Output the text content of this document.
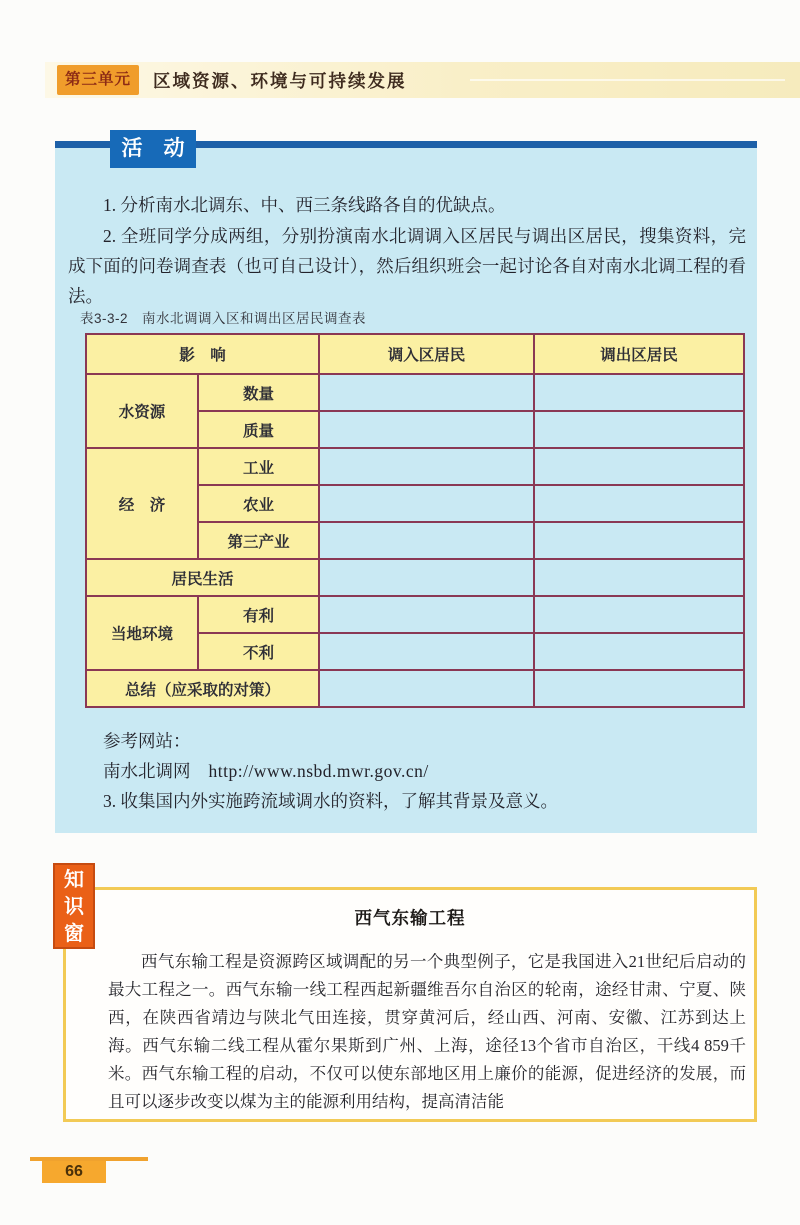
第三单元	区域资源、环境与可持续发展
活　动
1. 分析南水北调东、中、西三条线路各自的优缺点。
2. 全班同学分成两组，分别扮演南水北调调入区居民与调出区居民，搜集资料，完成下面的问卷调查表（也可自己设计），然后组织班会一起讨论各自对南水北调工程的看法。
表3-3-2　南水北调调入区和调出区居民调查表
影　响		调入区居民	调出区居民
水资源	数量		
	质量		
经　济	工业		
	农业		
	第三产业		
居民生活			
当地环境	有利		
	不利		
总结（应采取的对策）			
参考网站：
南水北调网 http://www.nsbd.mwr.gov.cn/
3. 收集国内外实施跨流域调水的资料，了解其背景及意义。
知识窗
西气东输工程
西气东输工程是资源跨区域调配的另一个典型例子，它是我国进入21世纪后启动的最大工程之一。西气东输一线工程西起新疆维吾尔自治区的轮南，途经甘肃、宁夏、陕西，在陕西省靖边与陕北气田连接，贯穿黄河后，经山西、河南、安徽、江苏到达上海。西气东输二线工程从霍尔果斯到广州、上海，途径13个省市自治区，干线4 859千米。西气东输工程的启动，不仅可以使东部地区用上廉价的能源，促进经济的发展，而且可以逐步改变以煤为主的能源利用结构，提高清洁能
66
